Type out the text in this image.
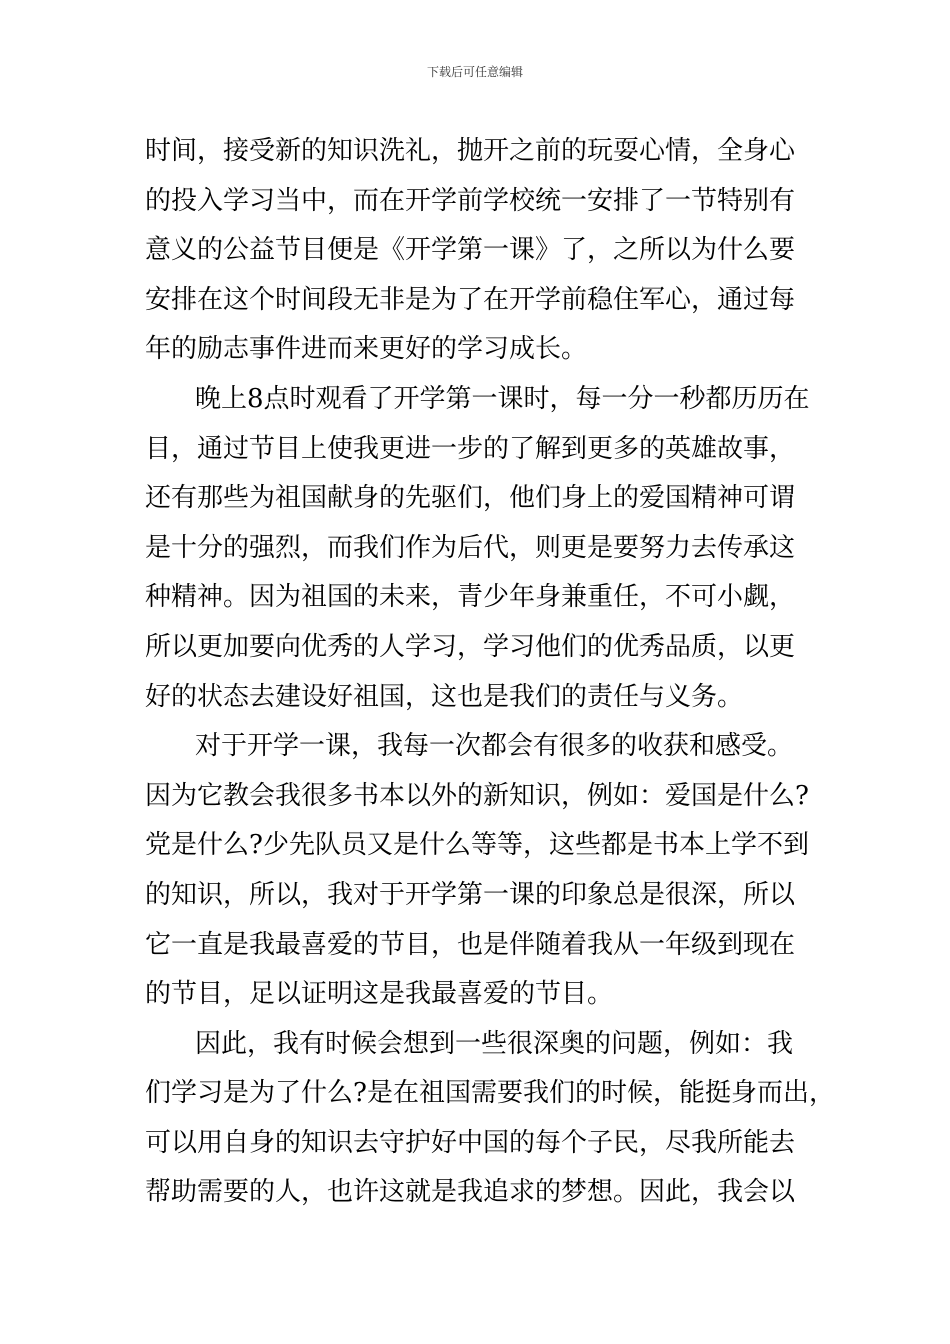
下载后可任意编辑
时间，接受新的知识洗礼，抛开之前的玩耍心情，全身心
的投入学习当中，而在开学前学校统一安排了一节特别有
意义的公益节目便是《开学第一课》了，之所以为什么要
安排在这个时间段无非是为了在开学前稳住军心，通过每
年的励志事件进而来更好的学习成长。
晚上8点时观看了开学第一课时，每一分一秒都历历在
目，通过节目上使我更进一步的了解到更多的英雄故事，
还有那些为祖国献身的先驱们，他们身上的爱国精神可谓
是十分的强烈，而我们作为后代，则更是要努力去传承这
种精神。因为祖国的未来，青少年身兼重任，不可小觑，
所以更加要向优秀的人学习，学习他们的优秀品质，以更
好的状态去建设好祖国，这也是我们的责任与义务。
对于开学一课，我每一次都会有很多的收获和感受。
因为它教会我很多书本以外的新知识，例如：爱国是什么?
党是什么?少先队员又是什么等等，这些都是书本上学不到
的知识，所以，我对于开学第一课的印象总是很深，所以
它一直是我最喜爱的节目，也是伴随着我从一年级到现在
的节目，足以证明这是我最喜爱的节目。
因此，我有时候会想到一些很深奥的问题，例如：我
们学习是为了什么?是在祖国需要我们的时候，能挺身而出，
可以用自身的知识去守护好中国的每个子民，尽我所能去
帮助需要的人，也许这就是我追求的梦想。因此，我会以
